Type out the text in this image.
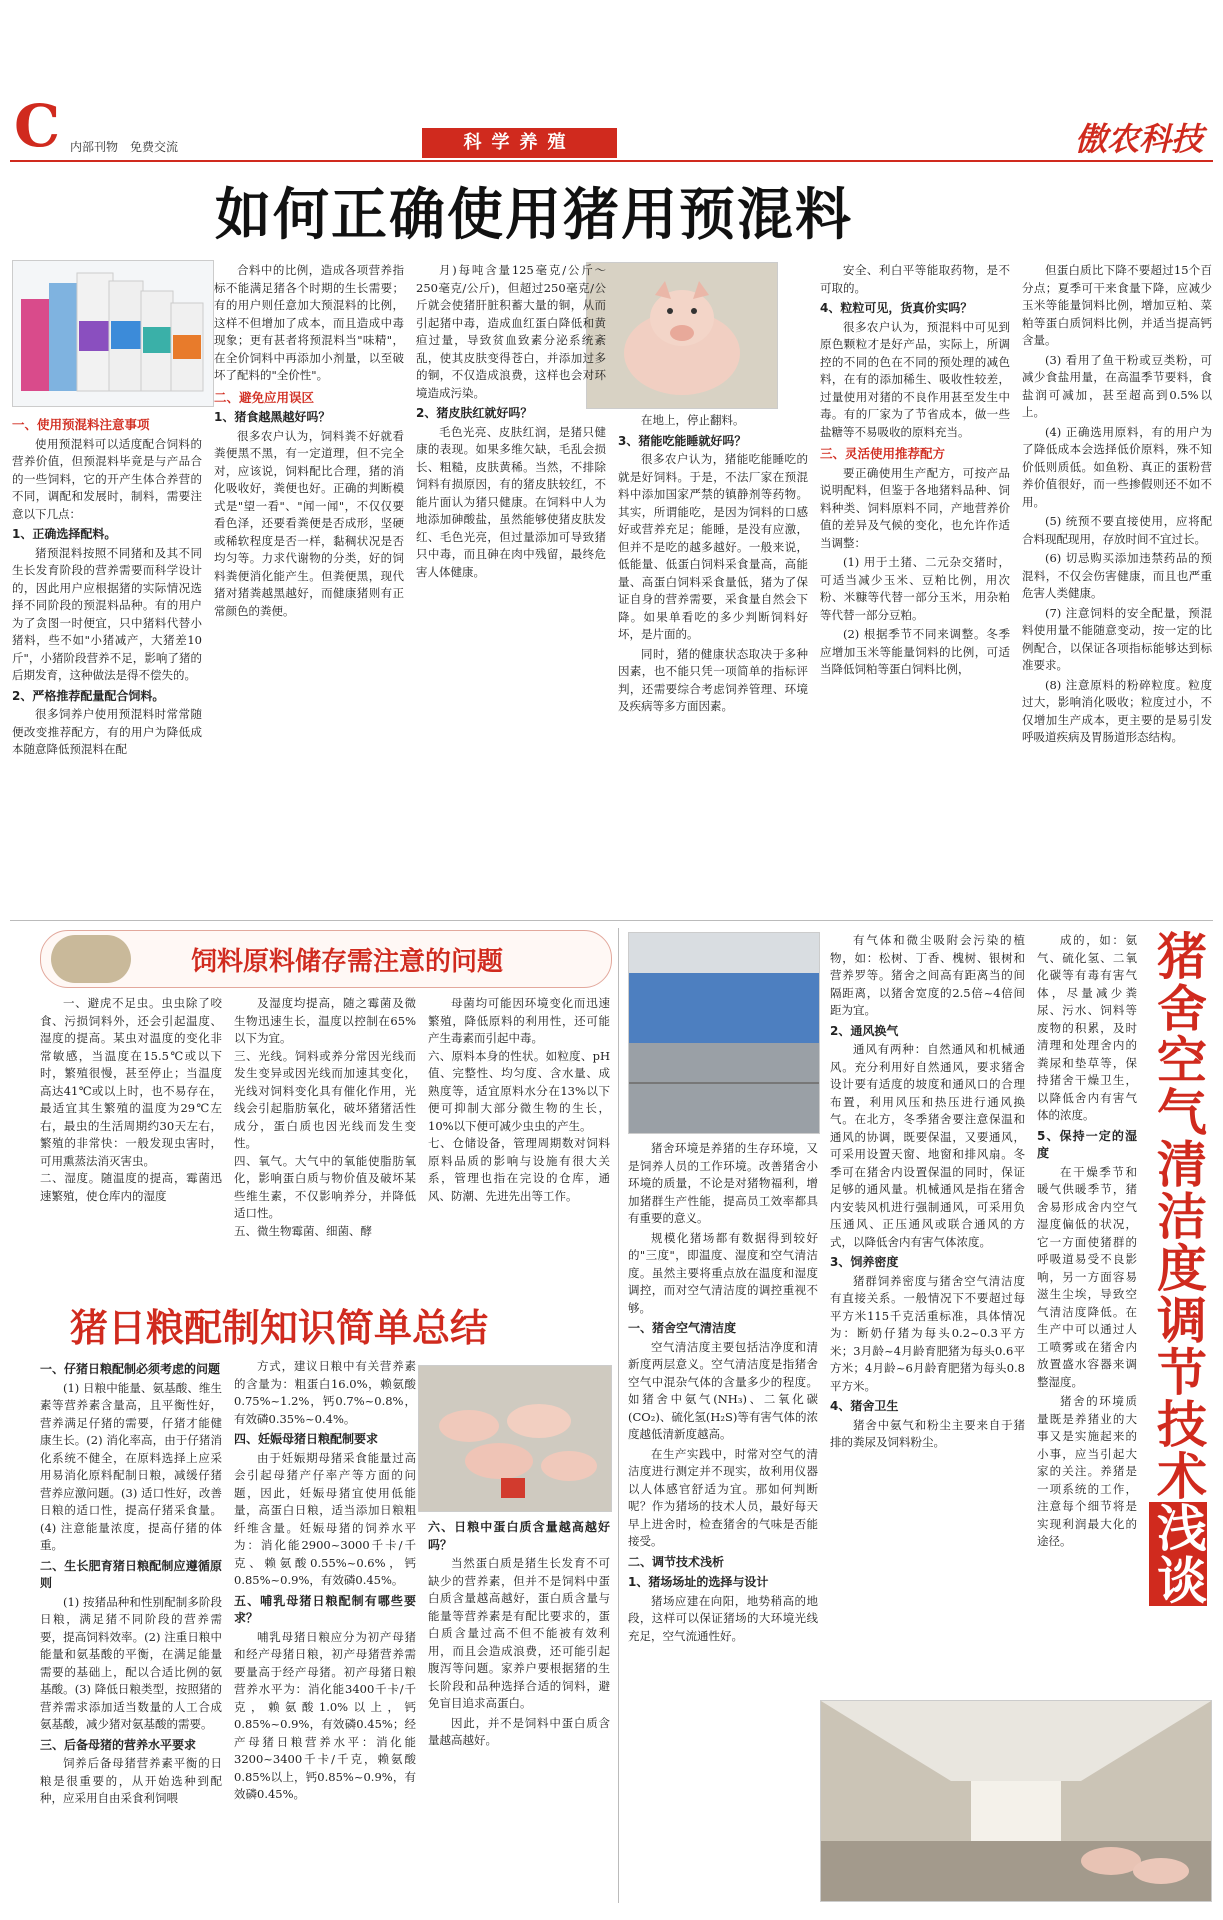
C 内部刊物　免费交流	科学养殖	傲农科技
如何正确使用猪用预混料
一、使用预混料注意事项

使用预混料可以适度配合饲料的营养价值，但预混料毕竟是与产品合的一些饲料，它的开产生体合养营的不同，调配和发展时，制料，需要注意以下几点：

1、正确选择配料。

猪预混料按照不同猪和及其不同生长发育阶段的营养需要而科学设计的，因此用户应根据猪的实际情况选择不同阶段的预混料品种。有的用户为了贪图一时便宜，只中猪料代替小猪料，些不如"小猪减产，大猪差10斤"，小猪阶段营养不足，影响了猪的后期发育，这种做法是得不偿失的。

2、严格推荐配量配合饲料。

很多饲养户使用预混料时常常随便改变推荐配方，有的用户为降低成本随意降低预混料在配

合料中的比例，造成各项营养指标不能满足猪各个时期的生长需要；有的用户则任意加大预混料的比例，这样不但增加了成本，而且造成中毒现象；更有甚者将预混料当"味精"，在全价饲料中再添加小剂量，以至破坏了配料的"全价性"。

二、避免应用误区
1、猪食越黑越好吗？

很多农户认为，饲料粪不好就看粪便黑不黑，有一定道理，但不完全对，应该说，饲料配比合理，猪的消化吸收好，粪便也好。正确的判断模式是"望一看"、"闻一闻"，不仅仅要看色泽，还要看粪便是否成形，坚硬或稀软程度是否一样，黏稠状况是否均匀等。力求代谢物的分类，好的饲料粪便消化能产生。但粪便黑，现代猪对猪粪越黑越好，而健康猪则有正常颜色的粪便。

月)每吨含量125毫克/公斤～250毫克/公斤)，但超过250毫克/公斤就会使猪肝脏积蓄大量的铜，从而引起猪中毒，造成血红蛋白降低和黄疸过量，导致贫血致素分泌系统紊乱，使其皮肤变得苍白，并添加过多的铜，不仅造成浪费，这样也会对环境造成污染。

2、猪皮肤红就好吗？

毛色光亮、皮肤红润，是猪只健康的表现。如果多维欠缺，毛乱会损长、粗糙，皮肤黄稀。当然，不排除饲料有损原因，有的猪皮肤较红，不能片面认为猪只健康。在饲料中人为地添加砷酸盐，虽然能够使猪皮肤发红、毛色光亮，但过量添加可导致猪只中毒，而且砷在肉中残留，最终危害人体健康。

在地上，停止翻料。

3、猪能吃能睡就好吗？

很多农户认为，猪能吃能睡吃的就是好饲料。于是，不法厂家在预混料中添加国家严禁的镇静剂等药物。其实，所谓能吃，是因为饲料的口感好或营养充足；能睡，是没有应激，但并不是吃的越多越好。一般来说，低能量、低蛋白饲料采食量高，高能量、高蛋白饲料采食量低，猪为了保证自身的营养需要，采食量自然会下降。如果单看吃的多少判断饲料好坏，是片面的。

同时，猪的健康状态取决于多种因素，也不能只凭一项简单的指标评判，还需要综合考虑饲养管理、环境及疾病等多方面因素。

安全、利白平等能取药物，是不可取的。

4、粒粒可见，货真价实吗？

很多农户认为，预混料中可见到原色颗粒才是好产品，实际上，所调控的不同的色在不同的预处理的减色料，在有的添加稀生、吸收性较差，过量使用对猪的不良作用甚至发生中毒。有的厂家为了节省成本，做一些盐糖等不易吸收的原料充当。

三、灵活使用推荐配方

要正确使用生产配方，可按产品说明配料，但鉴于各地猪料品种、饲料种类、饲料原料不同，产地营养价值的差异及气候的变化，也允许作适当调整：

(1) 用于土猪、二元杂交猪时，可适当减少玉米、豆粕比例，用次粉、米糠等代替一部分玉米，用杂粕等代替一部分豆粕。

(2) 根据季节不同来调整。冬季应增加玉米等能量饲料的比例，可适当降低饲粕等蛋白饲料比例，

但蛋白质比下降不要超过15个百分点；夏季可干来食量下降，应减少玉米等能量饲料比例，增加豆粕、菜粕等蛋白质饲料比例，并适当提高钙含量。

(3) 看用了鱼干粉或豆类粉，可减少食盐用量，在高温季节要料，食盐润可减加，甚至超高到0.5%以上。

(4) 正确选用原料，有的用户为了降低成本会选择低价原料，殊不知价低则质低。如鱼粉、真正的蛋粉营养价值很好，而一些掺假则还不如不用。

(5) 统预不要直接使用，应将配合料现配现用，存放时间不宜过长。

(6) 切忌购买添加违禁药品的预混料，不仅会伤害健康，而且也严重危害人类健康。

(7) 注意饲料的安全配量，预混料使用量不能随意变动，按一定的比例配合，以保证各项指标能够达到标准要求。

(8) 注意原料的粉碎粒度。粒度过大，影响消化吸收；粒度过小，不仅增加生产成本，更主要的是易引发呼吸道疾病及胃肠道形态结构。

饲料原料储存需注意的问题
一、避虎不足虫。虫虫除了咬食、污损饲料外，还会引起温度、湿度的提高。某虫对温度的变化非常敏感，当温度在15.5℃或以下时，繁殖很慢，甚至停止；当温度高达41℃或以上时，也不易存在，最适宜其生繁殖的温度为29℃左右，最虫的生活周期约30天左右，繁殖的非常快：一般发现虫害时，可用熏蒸法消灭害虫。
二、湿度。随温度的提高，霉菌迅速繁殖，使仓库内的湿度
及湿度均提高，随之霉菌及微生物迅速生长，温度以控制在65%以下为宜。
三、光线。饲料或养分常因光线而发生变异或因光线而加速其变化，光线对饲料变化具有催化作用，光线会引起脂肪氧化，破坏猪猪活性成分，蛋白质也因光线而发生变性。
四、氧气。大气中的氧能使脂肪氧化，影响蛋白质与物价值及破坏某些维生素，不仅影响养分，并降低适口性。
五、微生物霉菌、细菌、酵
母菌均可能因环境变化而迅速繁殖，降低原料的利用性，还可能产生毒素而引起中毒。
六、原料本身的性状。如粒度、pH值、完整性、均匀度、含水量、成熟度等，适宜原料水分在13%以下便可抑制大部分微生物的生长，10%以下便可减少虫虫的产生。
七、仓储设备，管理周期数对饲料原料品质的影响与设施有很大关系，管理也指在完设的仓库，通风、防潮、先进先出等工作。
猪日粮配制知识简单总结
一、仔猪日粮配制必须考虑的问题

(1) 日粮中能量、氨基酸、维生素等营养素含量高，且平衡性好，营养满足仔猪的需要，仔猪才能健康生长。(2) 消化率高，由于仔猪消化系统不健全，在原料选择上应采用易消化原料配制日粮，减缓仔猪营养应激问题。(3) 适口性好，改善日粮的适口性，提高仔猪采食量。(4) 注意能量浓度，提高仔猪的体重。

二、生长肥育猪日粮配制应遵循原则

(1) 按猪品种和性别配制多阶段日粮，满足猪不同阶段的营养需要，提高饲料效率。(2) 注重日粮中能量和氨基酸的平衡，在满足能量需要的基础上，配以合适比例的氨基酸。(3) 降低日粮类型，按照猪的营养需求添加适当数量的人工合成氨基酸，减少猪对氨基酸的需要。

三、后备母猪的营养水平要求

饲养后备母猪营养素平衡的日粮是很重要的，从开始选种到配种，应采用自由采食利饲喂

方式，建议日粮中有关营养素的含量为：粗蛋白16.0%，赖氨酸0.75%~1.2%，钙0.7%~0.8%，有效磷0.35%~0.4%。

四、妊娠母猪日粮配制要求

由于妊娠期母猪采食能量过高会引起母猪产仔率产等方面的问题，因此，妊娠母猪宜使用低能量，高蛋白日粮，适当添加日粮粗纤维含量。妊娠母猪的饲养水平为：消化能2900~3000千卡/千克、赖氨酸0.55%~0.6%，钙0.85%~0.9%，有效磷0.45%。

五、哺乳母猪日粮配制有哪些要求？

哺乳母猪日粮应分为初产母猪和经产母猪日粮，初产母猪营养需要量高于经产母猪。初产母猪日粮营养水平为：消化能3400千卡/千克，赖氨酸1.0%以上，钙0.85%~0.9%，有效磷0.45%；经产母猪日粮营养水平：消化能3200~3400千卡/千克，赖氨酸0.85%以上，钙0.85%~0.9%，有效磷0.45%。

六、日粮中蛋白质含量越高越好吗？

当然蛋白质是猪生长发育不可缺少的营养素，但并不是饲料中蛋白质含量越高越好，蛋白质含量与能量等营养素是有配比要求的，蛋白质含量过高不但不能被有效利用，而且会造成浪费，还可能引起腹泻等问题。家养户要根据猪的生长阶段和品种选择合适的饲料，避免盲目追求高蛋白。

因此，并不是饲料中蛋白质含量越高越好。

猪舍空气清洁度调节技术浅谈

猪舍环境是养猪的生存环境，又是饲养人员的工作环境。改善猪舍小环境的质量，不论是对猪物福利，增加猪群生产性能，提高员工效率都具有重要的意义。

规模化猪场都有数据得到较好的"三度"，即温度、湿度和空气清洁度。虽然主要将重点放在温度和湿度调控，而对空气清洁度的调控重视不够。

一、猪舍空气清洁度

空气清洁度主要包括洁净度和清新度两层意义。空气清洁度是指猪舍空气中混杂气体的含量多少的程度。如猪舍中氨气(NH₃)、二氧化碳(CO₂)、硫化氢(H₂S)等有害气体的浓度越低清新度越高。

在生产实践中，时常对空气的清洁度进行测定并不现实，故利用仪器以人体感官舒适为宜。那如何判断呢？作为猪场的技术人员，最好每天早上进舍时，检查猪舍的气味是否能接受。

二、调节技术浅析
1、猪场场址的选择与设计

猪场应建在向阳，地势稍高的地段，这样可以保证猪场的大环境光线充足，空气流通性好。

有气体和微尘吸附会污染的植物，如：松树、丁香、槐树、银树和营养罗等。猪舍之间高有距离当的间隔距离，以猪舍宽度的2.5倍~4倍间距为宜。

2、通风换气

通风有两种：自然通风和机械通风。充分利用好自然通风，要求猪舍设计要有适度的坡度和通风口的合理布置，利用风压和热压进行通风换气。在北方，冬季猪舍要注意保温和通风的协调，既要保温，又要通风，可采用设置天窗、地窗和排风扇。冬季可在猪舍内设置保温的同时，保证足够的通风量。机械通风是指在猪舍内安装风机进行强制通风，可采用负压通风、正压通风或联合通风的方式，以降低舍内有害气体浓度。

3、饲养密度

猪群饲养密度与猪舍空气清洁度有直接关系。一般情况下不要超过每平方米115千克活重标准，具体情况为：断奶仔猪为每头0.2~0.3平方米；3月龄~4月龄育肥猪为每头0.6平方米；4月龄~6月龄育肥猪为每头0.8平方米。

4、猪舍卫生

猪舍中氨气和粉尘主要来自于猪排的粪尿及饲料粉尘。

成的，如：氨气、硫化氢、二氧化碳等有毒有害气体，尽量减少粪尿、污水、饲料等废物的积累，及时清理和处理舍内的粪尿和垫草等，保持猪舍干燥卫生，以降低舍内有害气体的浓度。

5、保持一定的湿度

在干燥季节和暖气供暖季节，猪舍易形成舍内空气湿度偏低的状况，它一方面使猪群的呼吸道易受不良影响，另一方面容易滋生尘埃，导致空气清洁度降低。在生产中可以通过人工喷雾或在猪舍内放置盛水容器来调整湿度。

猪舍的环境质量既是养猪业的大事又是实施起来的小事，应当引起大家的关注。养猪是一项系统的工作，注意每个细节将是实现利润最大化的途径。
